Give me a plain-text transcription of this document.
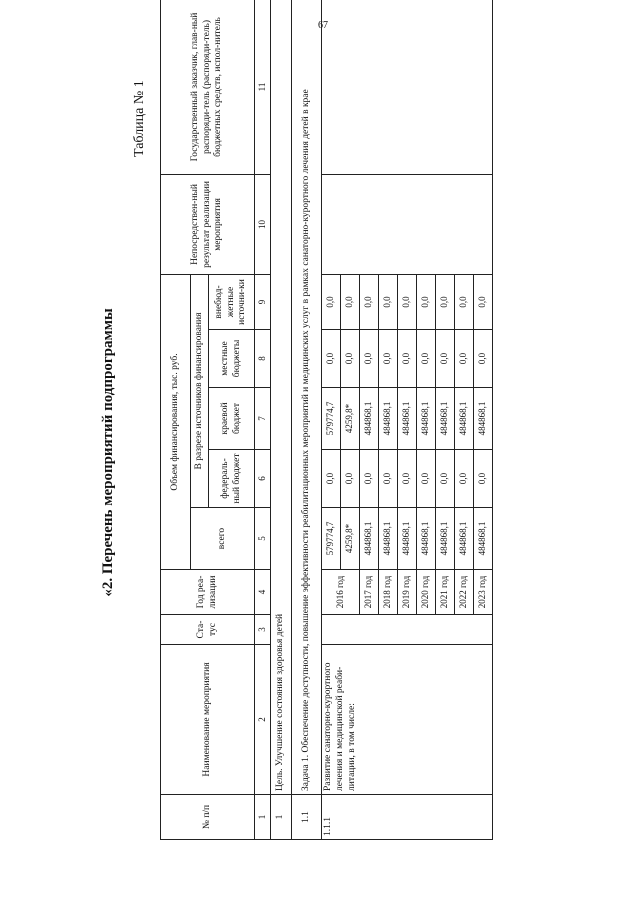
67
Таблица № 1
«2. Перечень мероприятий подпрограммы
№ п/п	Наименование мероприятия	Ста-тус	Год реа-лизации	Объем финансирования, тыс. руб.					Непосредствен-ный результат реализации мероприятия	Государственный заказчик, глав-ный распоряди-тель (распоряди-тель) бюджетных средств, испол-нитель
				всего	В разрезе источников финансирования					
					федераль-ный бюджет	краевой бюджет	местные бюджеты	внебюд-жетные источни-ки		
1	2	3	4	5	6	7	8	9	10	11
1	Цель. Улучшение состояния здоровья детей									
1.1	Задача 1. Обеспечение доступности, повышение эффективности реабилитационных мероприятий и медицинских услуг в рамках санаторно-курортного лечения детей в крае									
1.1.1	Развитие санаторно-курортного лечения и медицинской реаби-литации, в том числе:		2016 год	579774,7	0,0	579774,7	0,0	0,0		
				4259,8*	0,0	4259,8*	0,0	0,0		
			2017 год	484868,1	0,0	484868,1	0,0	0,0		
			2018 год	484868,1	0,0	484868,1	0,0	0,0		
			2019 год	484868,1	0,0	484868,1	0,0	0,0		
			2020 год	484868,1	0,0	484868,1	0,0	0,0		
			2021 год	484868,1	0,0	484868,1	0,0	0,0		
			2022 год	484868,1	0,0	484868,1	0,0	0,0		
			2023 год	484868,1	0,0	484868,1	0,0	0,0		
